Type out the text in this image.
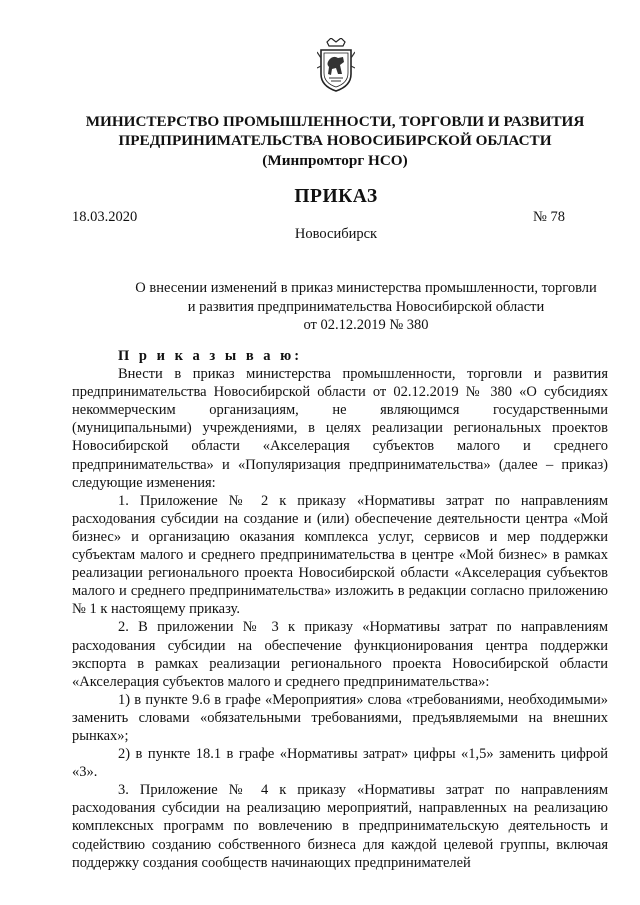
МИНИСТЕРСТВО ПРОМЫШЛЕННОСТИ, ТОРГОВЛИ И РАЗВИТИЯ
ПРЕДПРИНИМАТЕЛЬСТВА НОВОСИБИРСКОЙ ОБЛАСТИ
(Минпромторг НСО)
ПРИКАЗ
18.03.2020	№ 78
Новосибирск
О внесении изменений в приказ министерства промышленности, торговли
и развития предпринимательства Новосибирской области
от 02.12.2019 № 380

П р и к а з ы в а ю:

Внести в приказ министерства промышленности, торговли и развития предпринимательства Новосибирской области от 02.12.2019 № 380 «О субсидиях некоммерческим организациям, не являющимся государственными (муниципальными) учреждениями, в целях реализации региональных проектов Новосибирской области «Акселерация субъектов малого и среднего предпринимательства» и «Популяризация предпринимательства» (далее – приказ) следующие изменения:

1. Приложение № 2 к приказу «Нормативы затрат по направлениям расходования субсидии на создание и (или) обеспечение деятельности центра «Мой бизнес» и организацию оказания комплекса услуг, сервисов и мер поддержки субъектам малого и среднего предпринимательства в центре «Мой бизнес» в рамках реализации регионального проекта Новосибирской области «Акселерация субъектов малого и среднего предпринимательства» изложить в редакции согласно приложению № 1 к настоящему приказу.

2. В приложении № 3 к приказу «Нормативы затрат по направлениям расходования субсидии на обеспечение функционирования центра поддержки экспорта в рамках реализации регионального проекта Новосибирской области «Акселерация субъектов малого и среднего предпринимательства»:

1) в пункте 9.6 в графе «Мероприятия» слова «требованиями, необходимыми» заменить словами «обязательными требованиями, предъявляемыми на внешних рынках»;

2) в пункте 18.1 в графе «Нормативы затрат» цифры «1,5» заменить цифрой «3».

3. Приложение № 4 к приказу «Нормативы затрат по направлениям расходования субсидии на реализацию мероприятий, направленных на реализацию комплексных программ по вовлечению в предпринимательскую деятельность и содействию созданию собственного бизнеса для каждой целевой группы, включая поддержку создания сообществ начинающих предпринимателей
